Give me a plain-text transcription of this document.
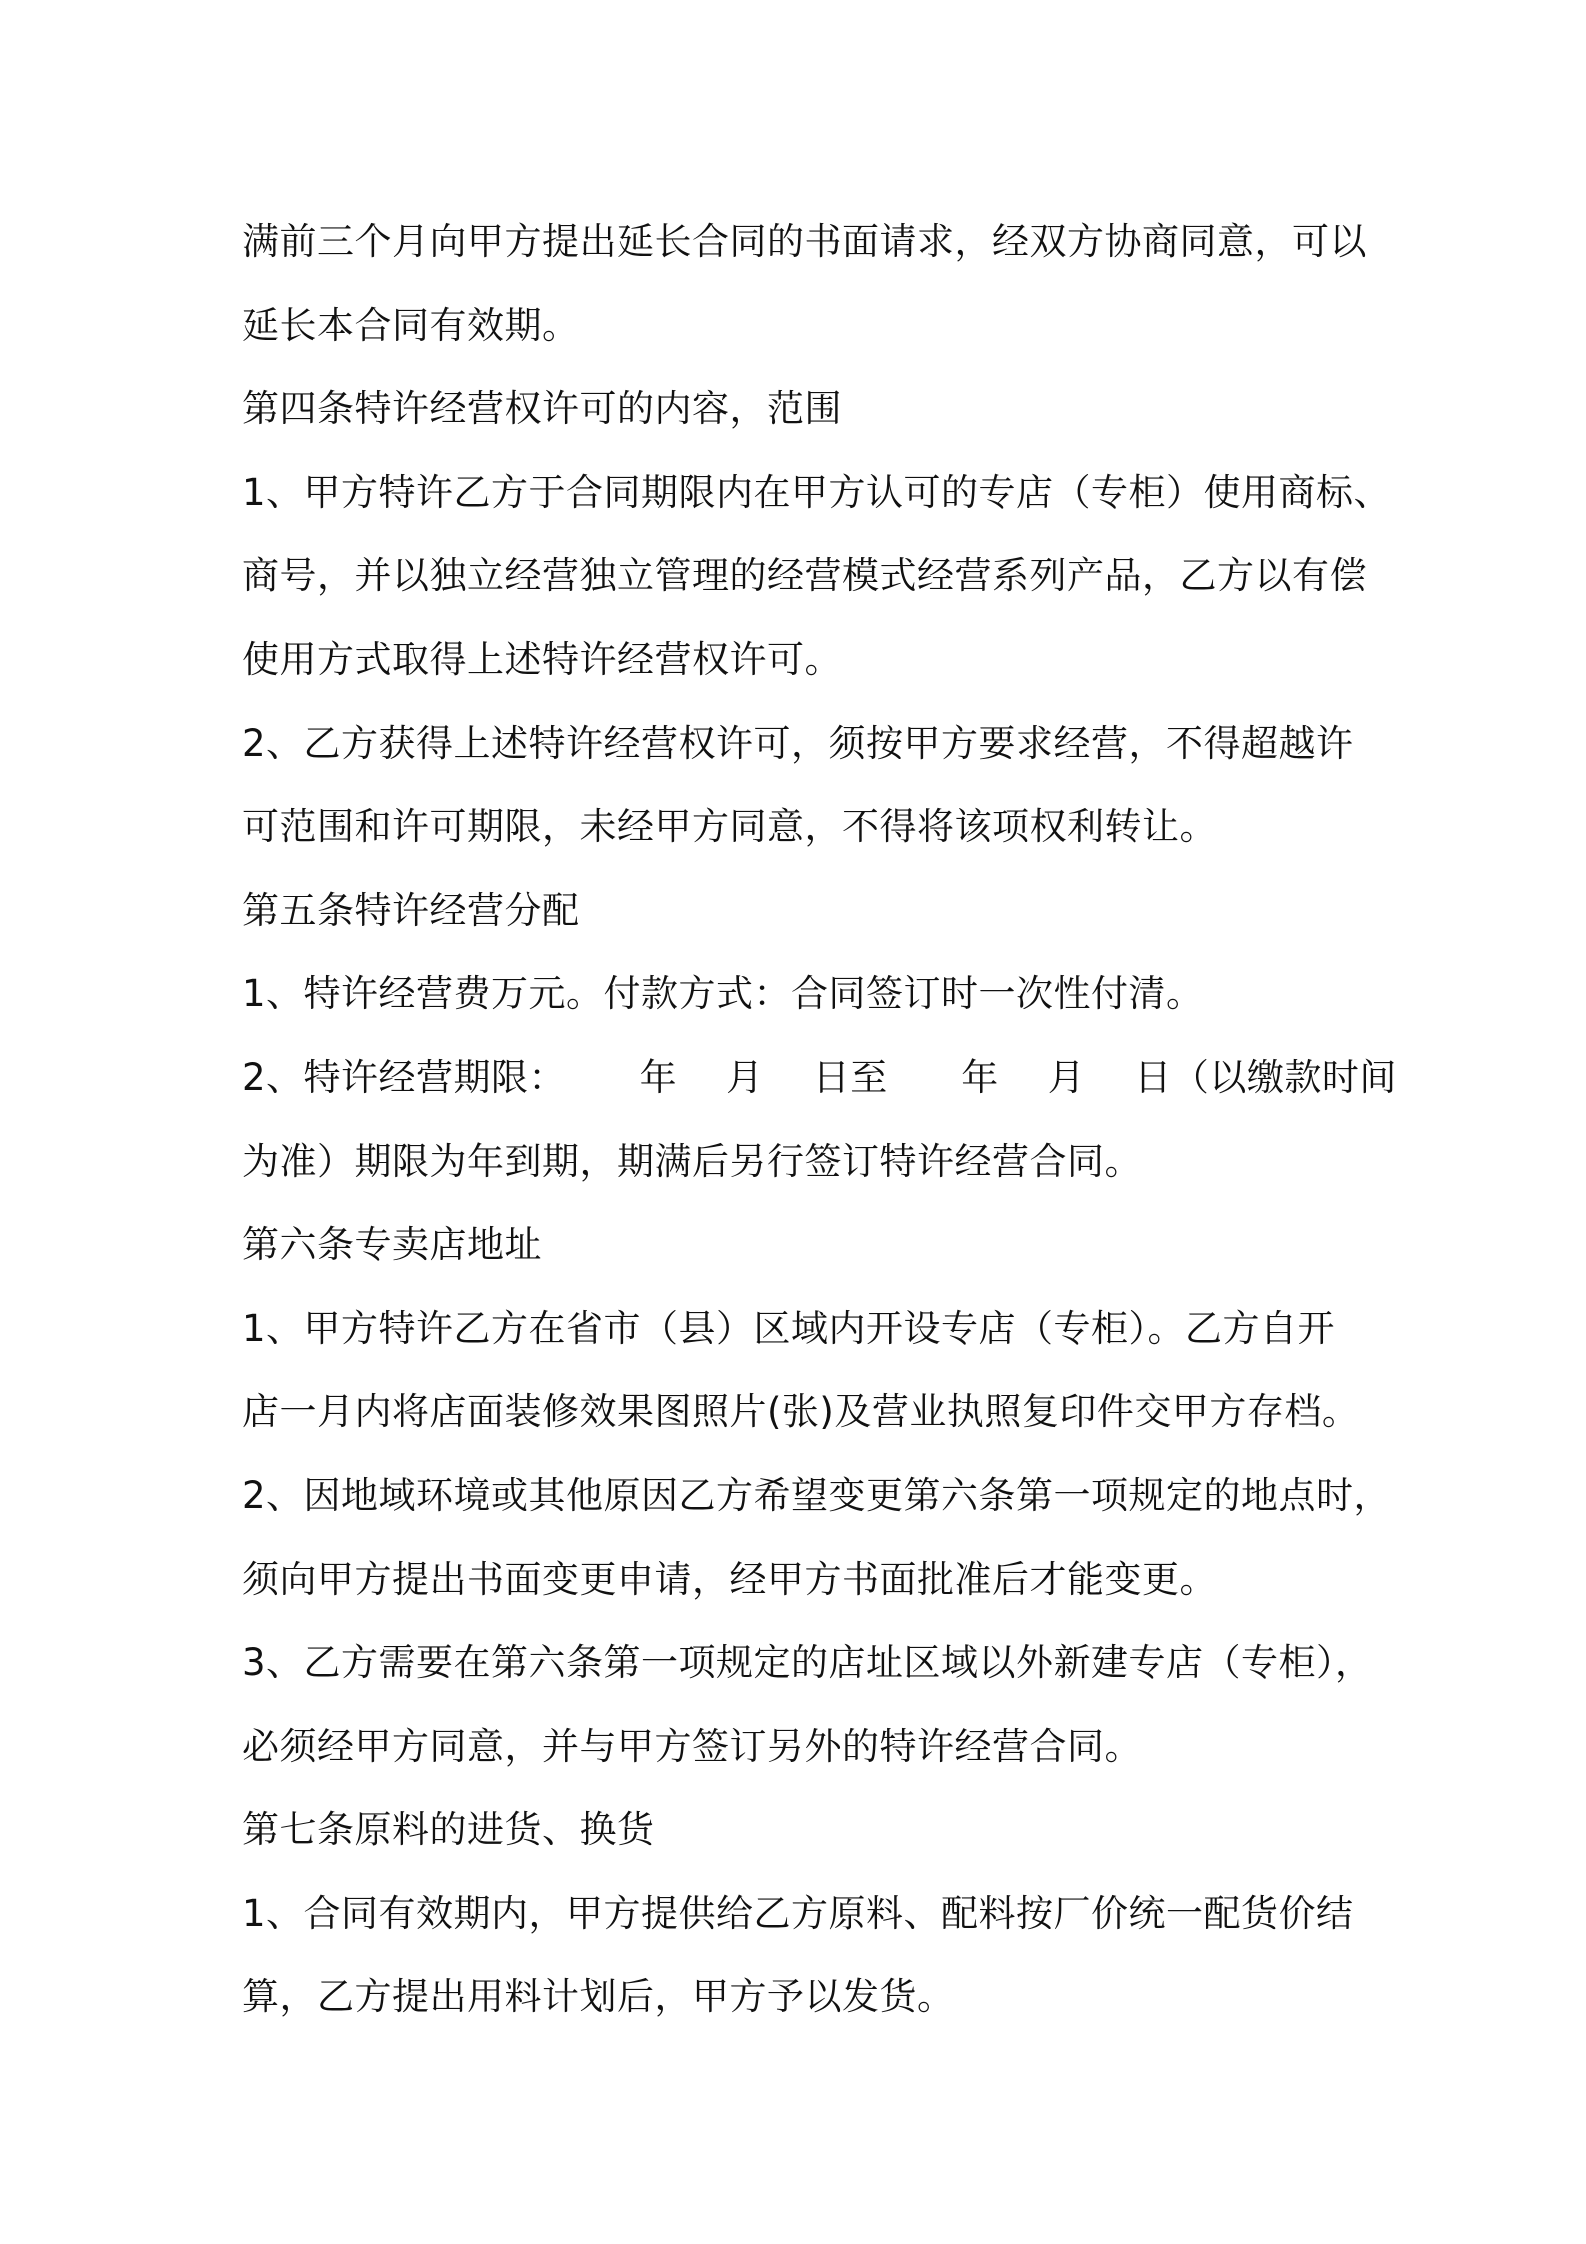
满前三个月向甲方提出延长合同的书面请求，经双方协商同意，可以
延长本合同有效期。
第四条特许经营权许可的内容，范围
1、甲方特许乙方于合同期限内在甲方认可的专店（专柜）使用商标、
商号，并以独立经营独立管理的经营模式经营系列产品，乙方以有偿
使用方式取得上述特许经营权许可。
2、乙方获得上述特许经营权许可，须按甲方要求经营，不得超越许
可范围和许可期限，未经甲方同意，不得将该项权利转让。
第五条特许经营分配
1、特许经营费万元。付款方式：合同签订时一次性付清。
2、特许经营期限：      年    月    日至      年    月    日（以缴款时间
为准）期限为年到期，期满后另行签订特许经营合同。
第六条专卖店地址
1、甲方特许乙方在省市（县）区域内开设专店（专柜）。乙方自开
店一月内将店面装修效果图照片(张)及营业执照复印件交甲方存档。
2、因地域环境或其他原因乙方希望变更第六条第一项规定的地点时，
须向甲方提出书面变更申请，经甲方书面批准后才能变更。
3、乙方需要在第六条第一项规定的店址区域以外新建专店（专柜），
必须经甲方同意，并与甲方签订另外的特许经营合同。
第七条原料的进货、换货
1、合同有效期内，甲方提供给乙方原料、配料按厂价统一配货价结
算，乙方提出用料计划后，甲方予以发货。
